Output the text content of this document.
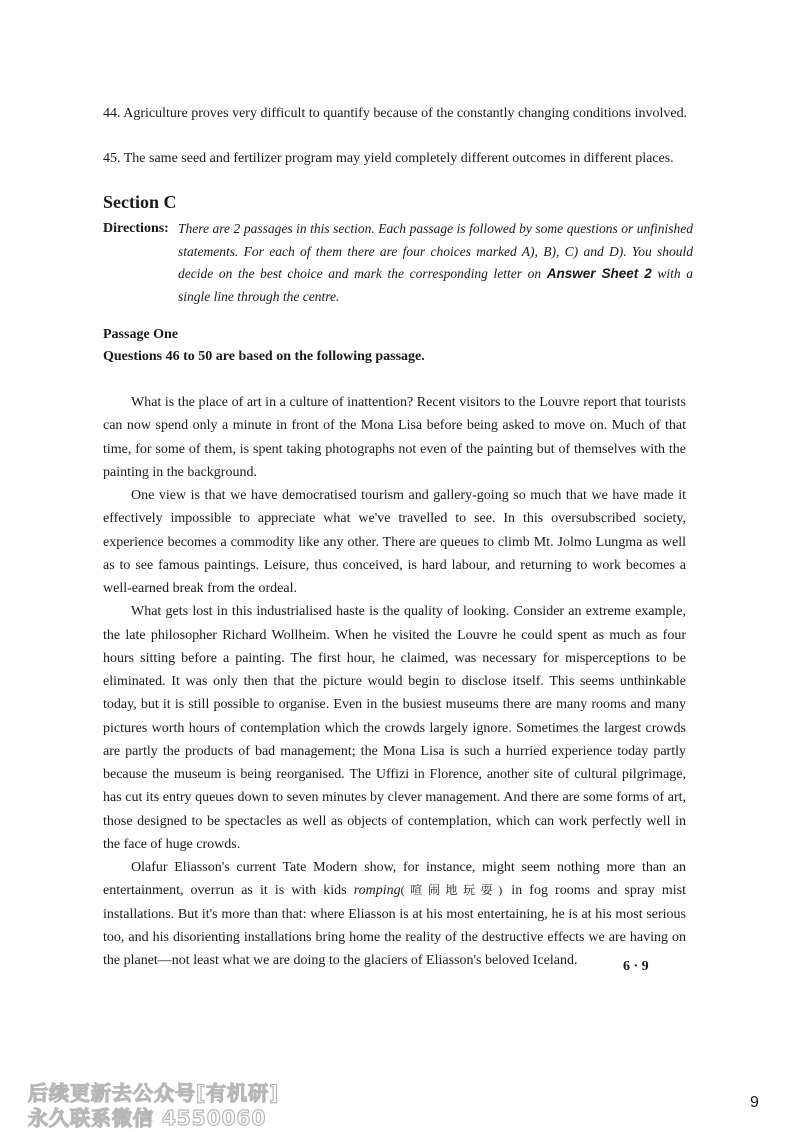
44. Agriculture proves very difficult to quantify because of the constantly changing conditions involved.
45. The same seed and fertilizer program may yield completely different outcomes in different places.
Section C
Directions: There are 2 passages in this section. Each passage is followed by some questions or unfinished statements. For each of them there are four choices marked A), B), C) and D). You should decide on the best choice and mark the corresponding letter on Answer Sheet 2 with a single line through the centre.
Passage One
Questions 46 to 50 are based on the following passage.

What is the place of art in a culture of inattention? Recent visitors to the Louvre report that tourists can now spend only a minute in front of the Mona Lisa before being asked to move on. Much of that time, for some of them, is spent taking photographs not even of the painting but of themselves with the painting in the background.

One view is that we have democratised tourism and gallery-going so much that we have made it effectively impossible to appreciate what we've travelled to see. In this oversubscribed society, experience becomes a commodity like any other. There are queues to climb Mt. Jolmo Lungma as well as to see famous paintings. Leisure, thus conceived, is hard labour, and returning to work becomes a well-earned break from the ordeal.

What gets lost in this industrialised haste is the quality of looking. Consider an extreme example, the late philosopher Richard Wollheim. When he visited the Louvre he could spent as much as four hours sitting before a painting. The first hour, he claimed, was necessary for misperceptions to be eliminated. It was only then that the picture would begin to disclose itself. This seems unthinkable today, but it is still possible to organise. Even in the busiest museums there are many rooms and many pictures worth hours of contemplation which the crowds largely ignore. Sometimes the largest crowds are partly the products of bad management; the Mona Lisa is such a hurried experience today partly because the museum is being reorganised. The Uffizi in Florence, another site of cultural pilgrimage, has cut its entry queues down to seven minutes by clever management. And there are some forms of art, those designed to be spectacles as well as objects of contemplation, which can work perfectly well in the face of huge crowds.

Olafur Eliasson's current Tate Modern show, for instance, might seem nothing more than an entertainment, overrun as it is with kids romping(喧闹地玩耍) in fog rooms and spray mist installations. But it's more than that: where Eliasson is at his most entertaining, he is at his most serious too, and his disorienting installations bring home the reality of the destructive effects we are having on the planet—not least what we are doing to the glaciers of Eliasson's beloved Iceland.	6 · 9
后续更新去公众号[有机研]
永久联系微信 4550060
9
